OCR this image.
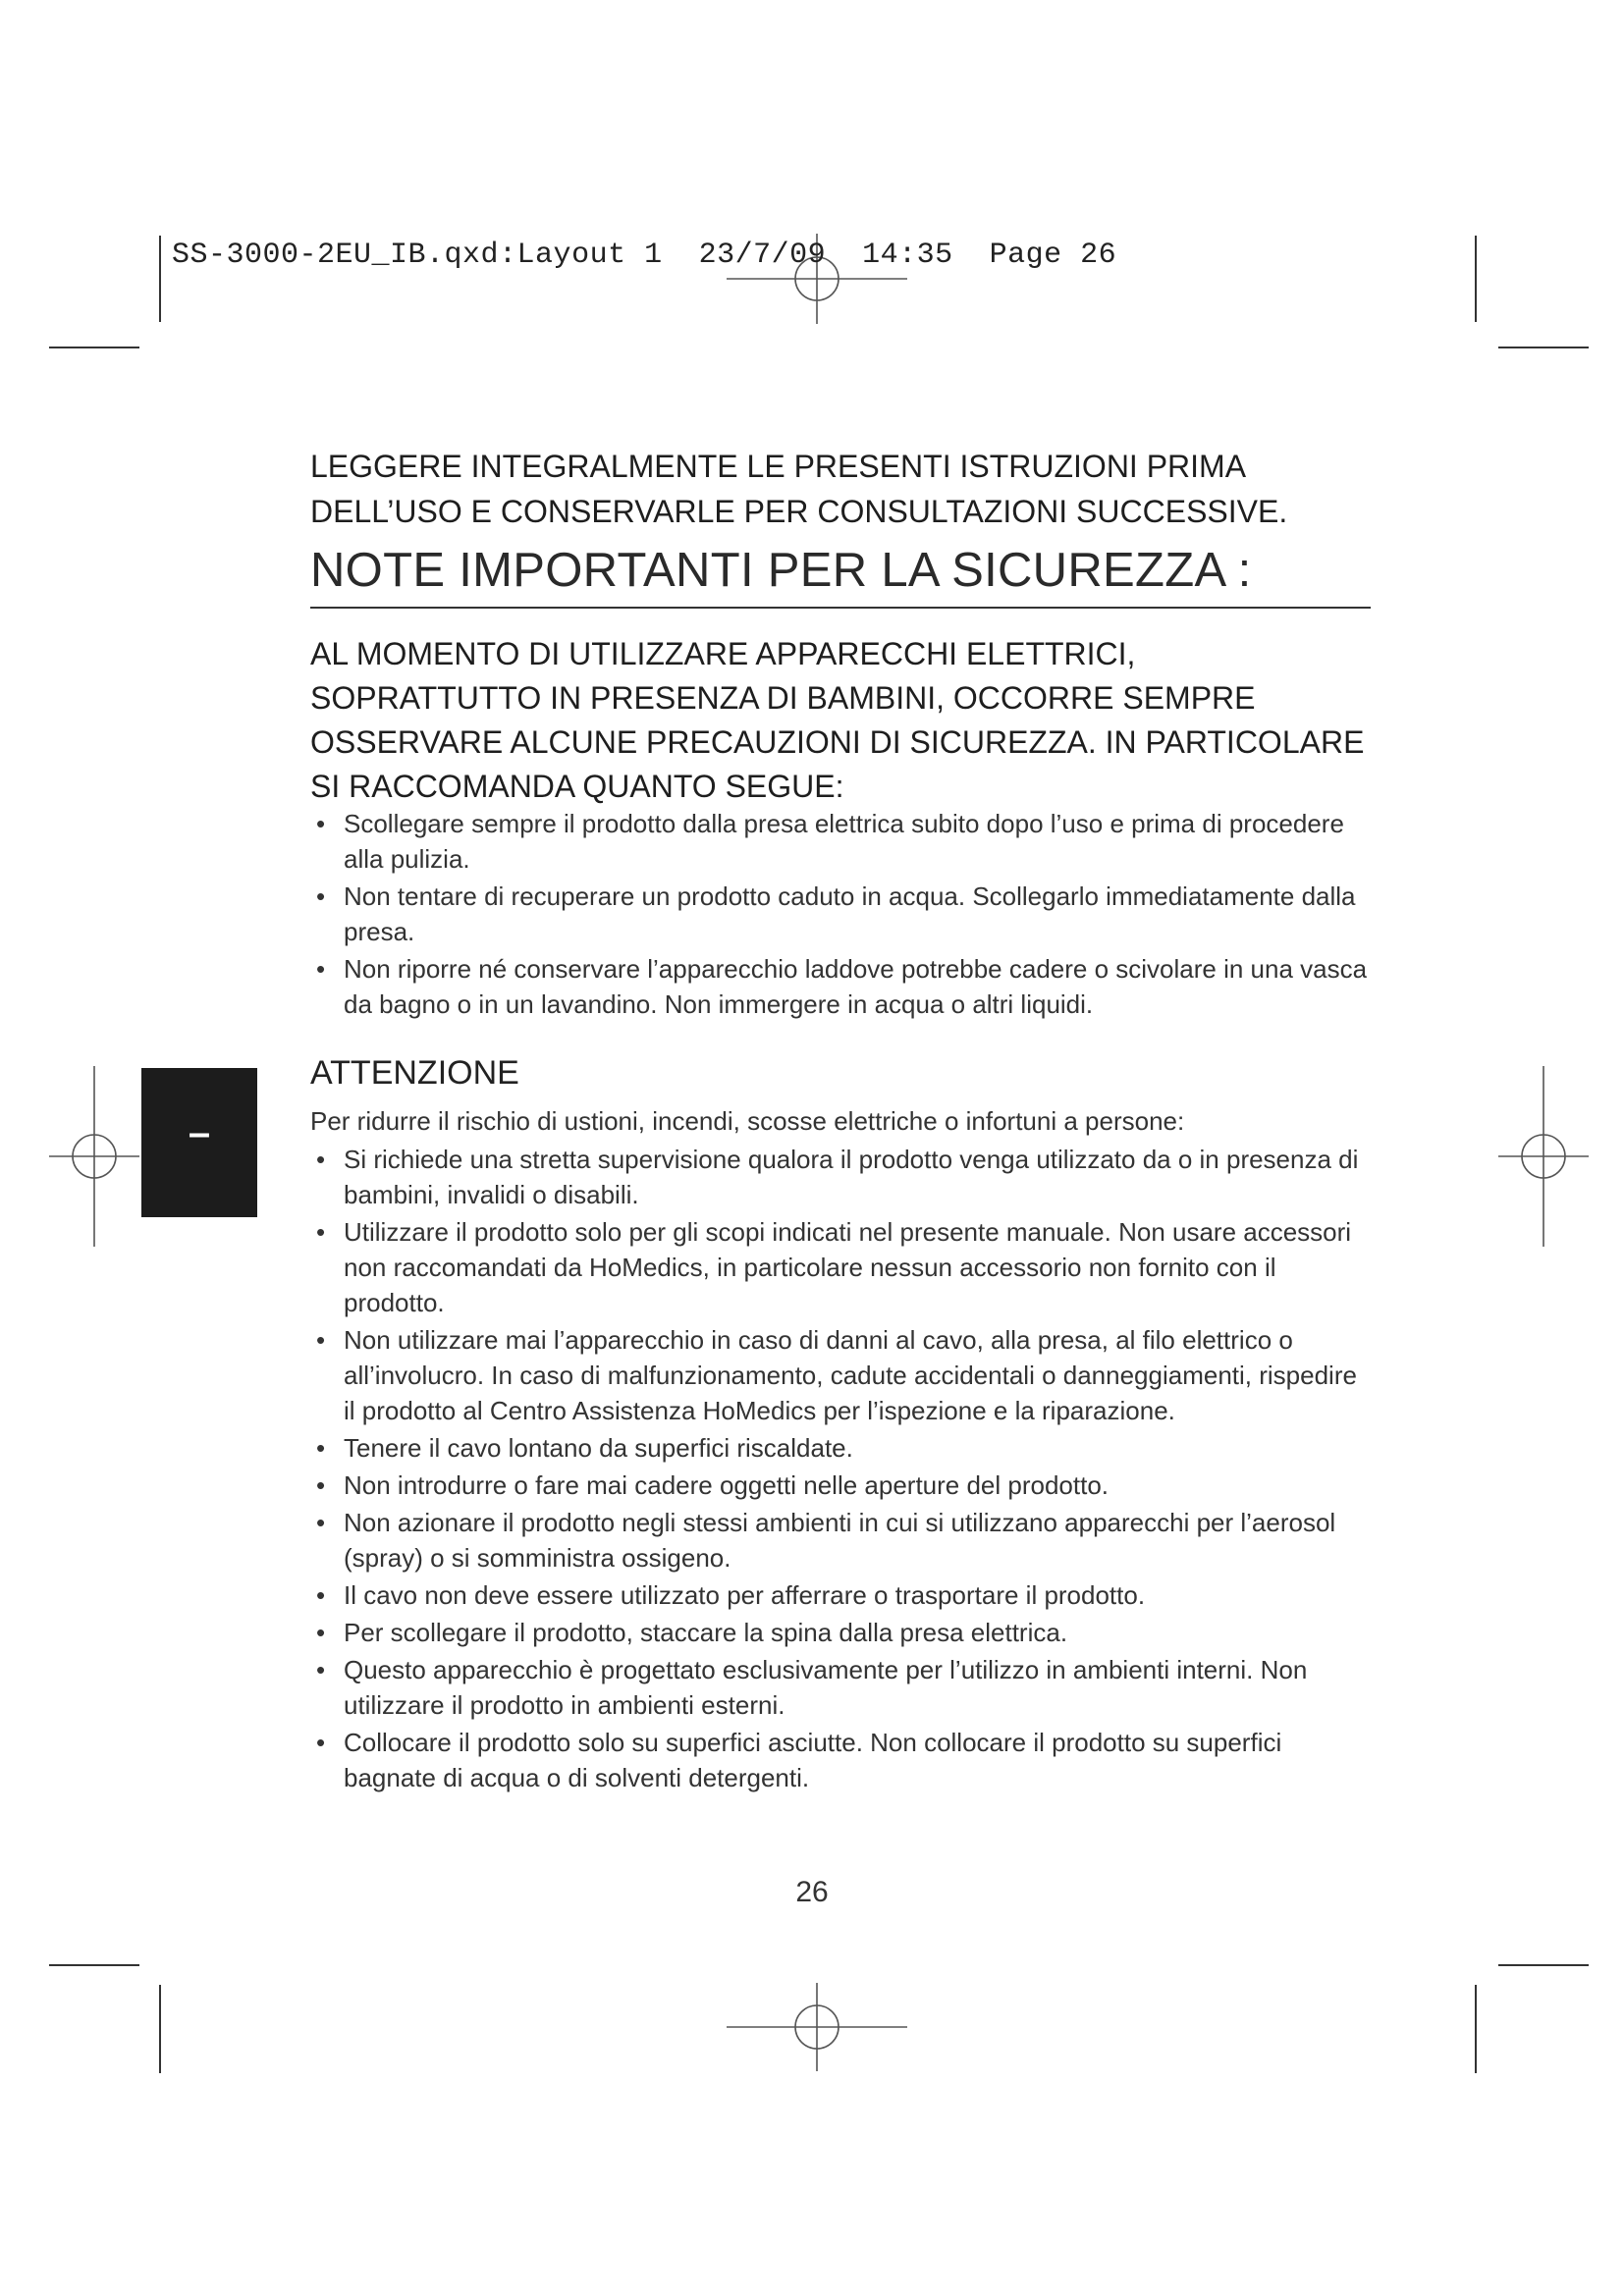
SS-3000-2EU_IB.qxd:Layout 1  23/7/09  14:35  Page 26
LEGGERE INTEGRALMENTE LE PRESENTI ISTRUZIONI PRIMA DELL’USO E CONSERVARLE PER CONSULTAZIONI SUCCESSIVE.
NOTE IMPORTANTI PER LA SICUREZZA :
AL MOMENTO DI UTILIZZARE APPARECCHI ELETTRICI, SOPRATTUTTO IN PRESENZA DI BAMBINI, OCCORRE SEMPRE OSSERVARE ALCUNE PRECAUZIONI DI SICUREZZA. IN PARTICOLARE SI RACCOMANDA QUANTO SEGUE:
• Scollegare sempre il prodotto dalla presa elettrica subito dopo l’uso e prima di procedere alla pulizia.
• Non tentare di recuperare un prodotto caduto in acqua. Scollegarlo immediatamente dalla presa.
• Non riporre né conservare l’apparecchio laddove potrebbe cadere o scivolare in una vasca da bagno o in un lavandino. Non immergere in acqua o altri liquidi.
–
ATTENZIONE
Per ridurre il rischio di ustioni, incendi, scosse elettriche o infortuni a persone:
• Si richiede una stretta supervisione qualora il prodotto venga utilizzato da o in presenza di bambini, invalidi o disabili.
• Utilizzare il prodotto solo per gli scopi indicati nel presente manuale. Non usare accessori non raccomandati da HoMedics, in particolare nessun accessorio non fornito con il prodotto.
• Non utilizzare mai l’apparecchio in caso di danni al cavo, alla presa, al filo elettrico o all’involucro. In caso di malfunzionamento, cadute accidentali o danneggiamenti, rispedire il prodotto al Centro Assistenza HoMedics per l’ispezione e la riparazione.
• Tenere il cavo lontano da superfici riscaldate.
• Non introdurre o fare mai cadere oggetti nelle aperture del prodotto.
• Non azionare il prodotto negli stessi ambienti in cui si utilizzano apparecchi per l’aerosol (spray) o si somministra ossigeno.
• Il cavo non deve essere utilizzato per afferrare o trasportare il prodotto.
• Per scollegare il prodotto, staccare la spina dalla presa elettrica.
• Questo apparecchio è progettato esclusivamente per l’utilizzo in ambienti interni. Non utilizzare il prodotto in ambienti esterni.
• Collocare il prodotto solo su superfici asciutte. Non collocare il prodotto su superfici bagnate di acqua o di solventi detergenti.
26
